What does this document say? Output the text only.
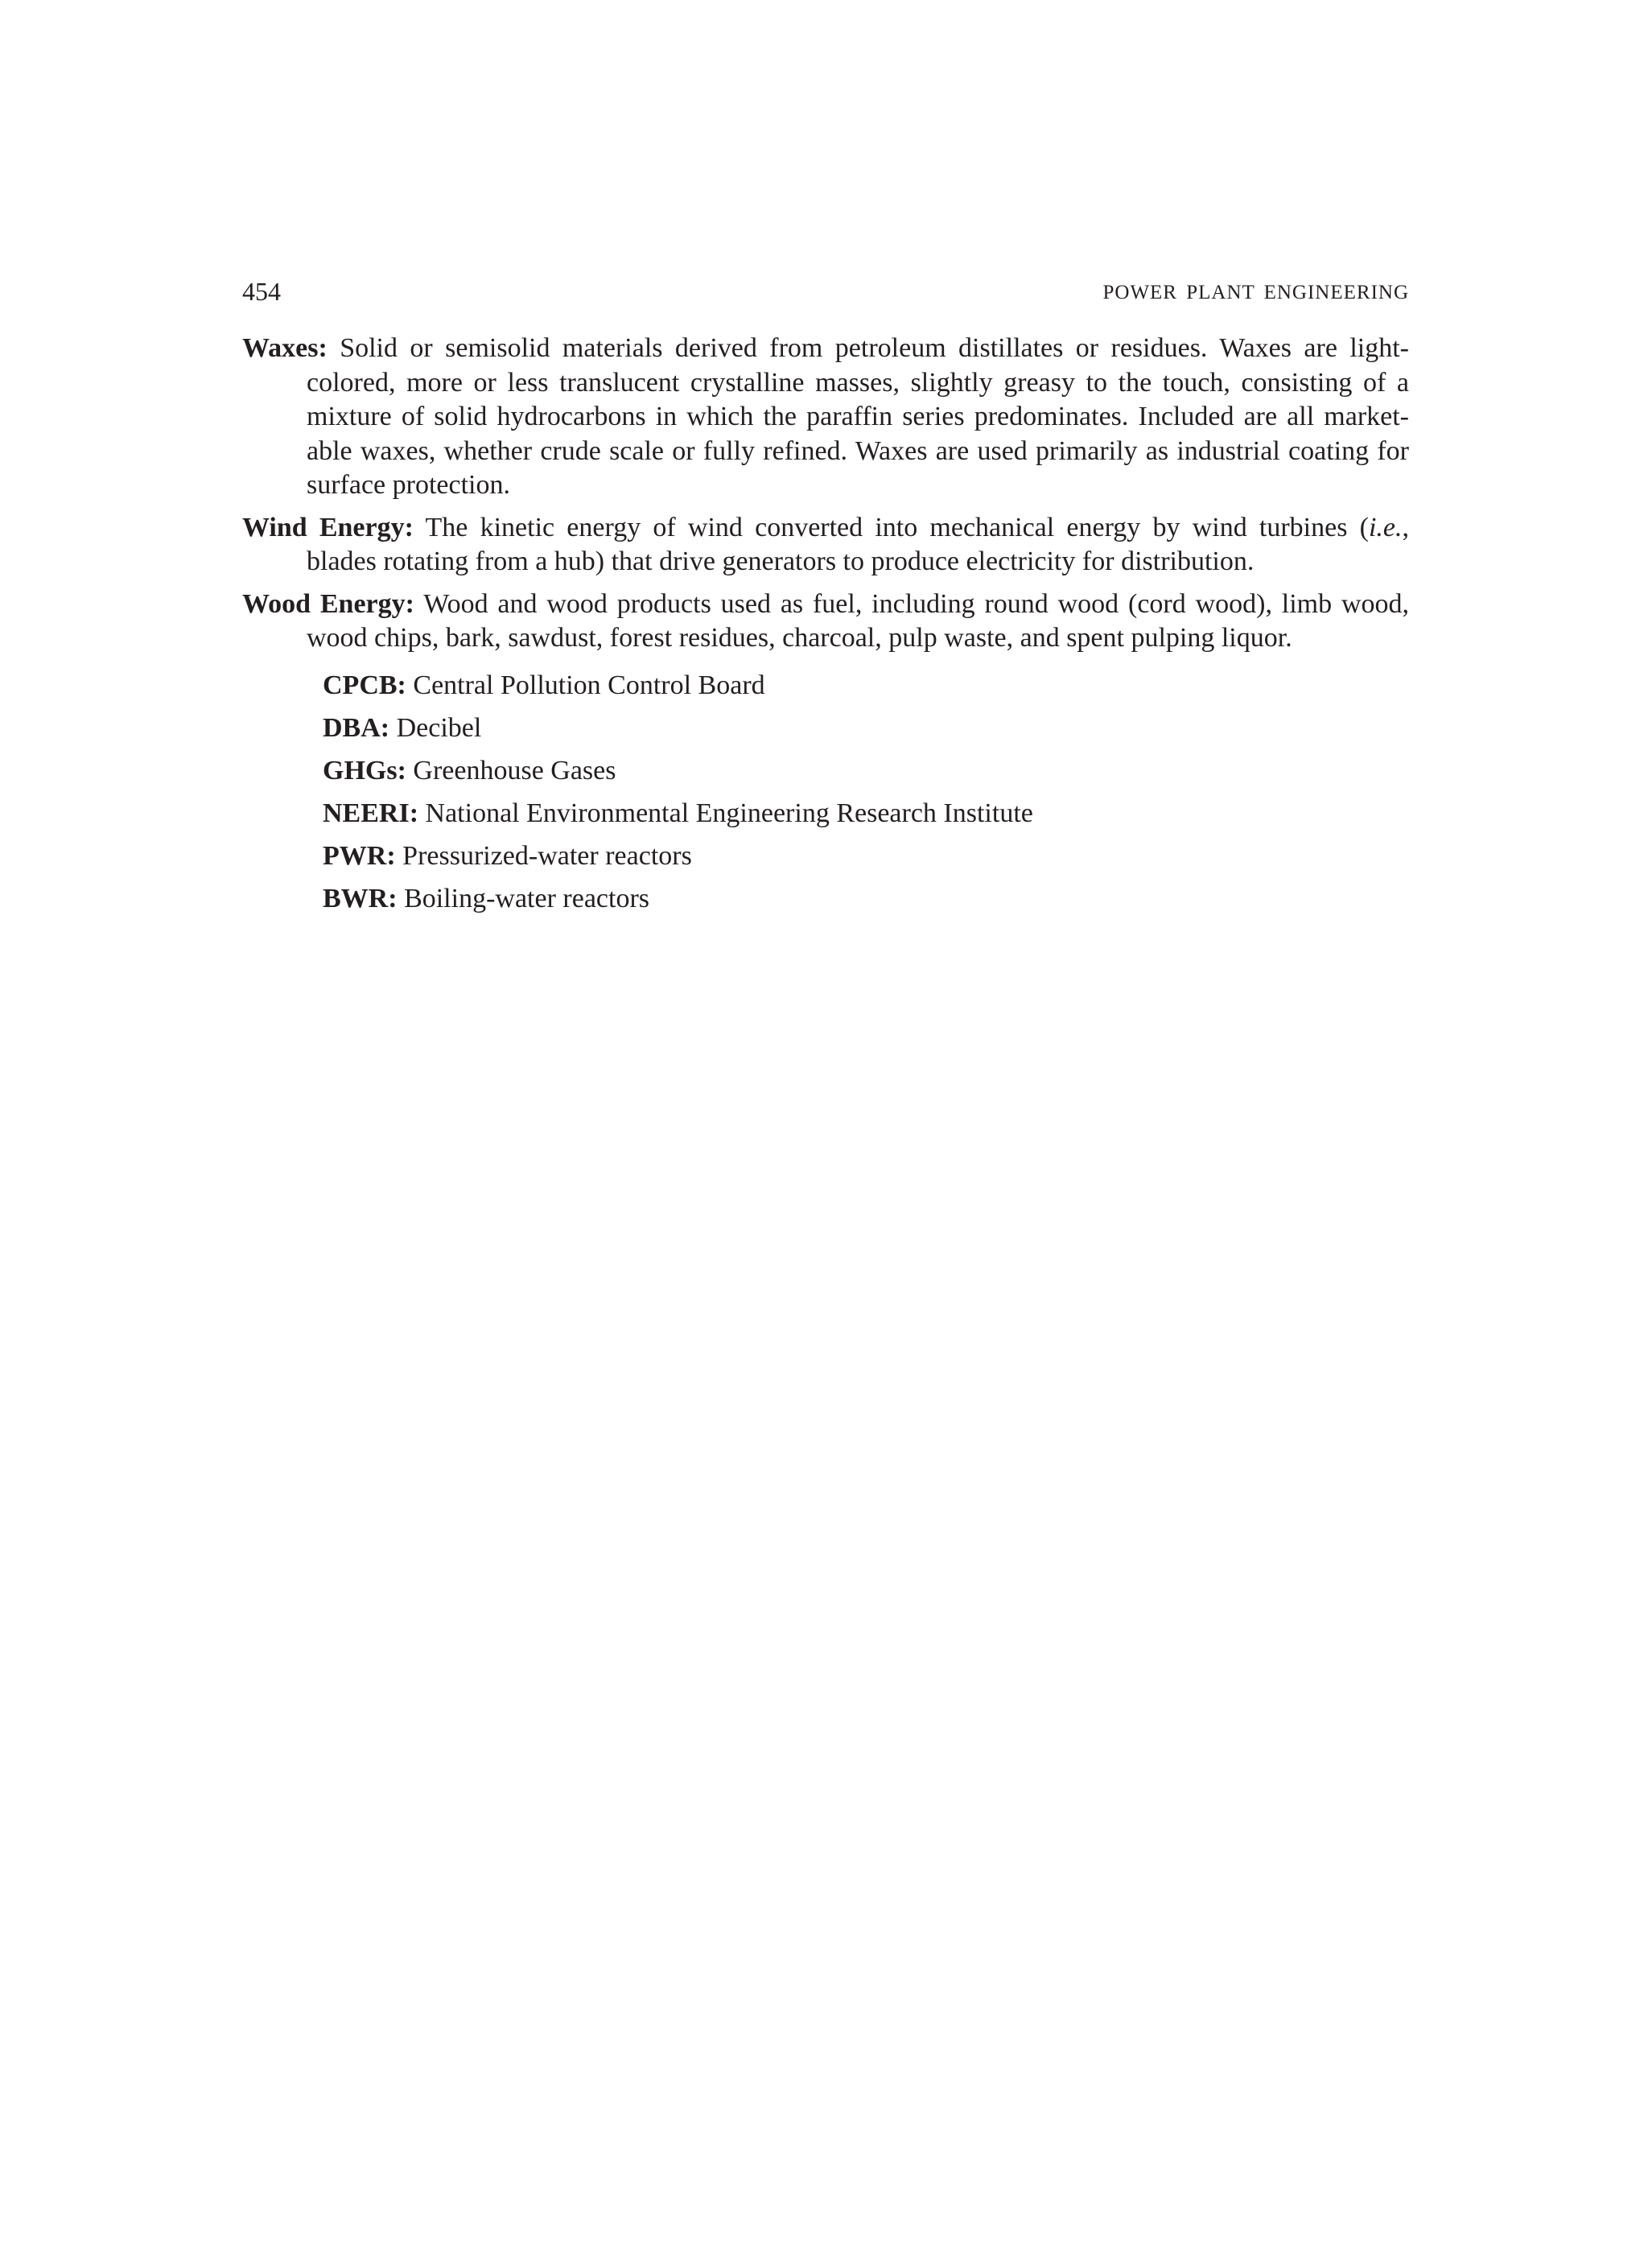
454	POWER PLANT ENGINEERING

Waxes: Solid or semisolid materials derived from petroleum distillates or residues. Waxes are light-colored, more or less translucent crystalline masses, slightly greasy to the touch, consisting of a mixture of solid hydrocarbons in which the paraffin series predominates. Included are all market-able waxes, whether crude scale or fully refined. Waxes are used primarily as industrial coating for surface protection.

Wind Energy: The kinetic energy of wind converted into mechanical energy by wind turbines (i.e., blades rotating from a hub) that drive generators to produce electricity for distribution.

Wood Energy: Wood and wood products used as fuel, including round wood (cord wood), limb wood, wood chips, bark, sawdust, forest residues, charcoal, pulp waste, and spent pulping liquor.

CPCB: Central Pollution Control Board
DBA: Decibel
GHGs: Greenhouse Gases
NEERI: National Environmental Engineering Research Institute
PWR: Pressurized-water reactors
BWR: Boiling-water reactors
